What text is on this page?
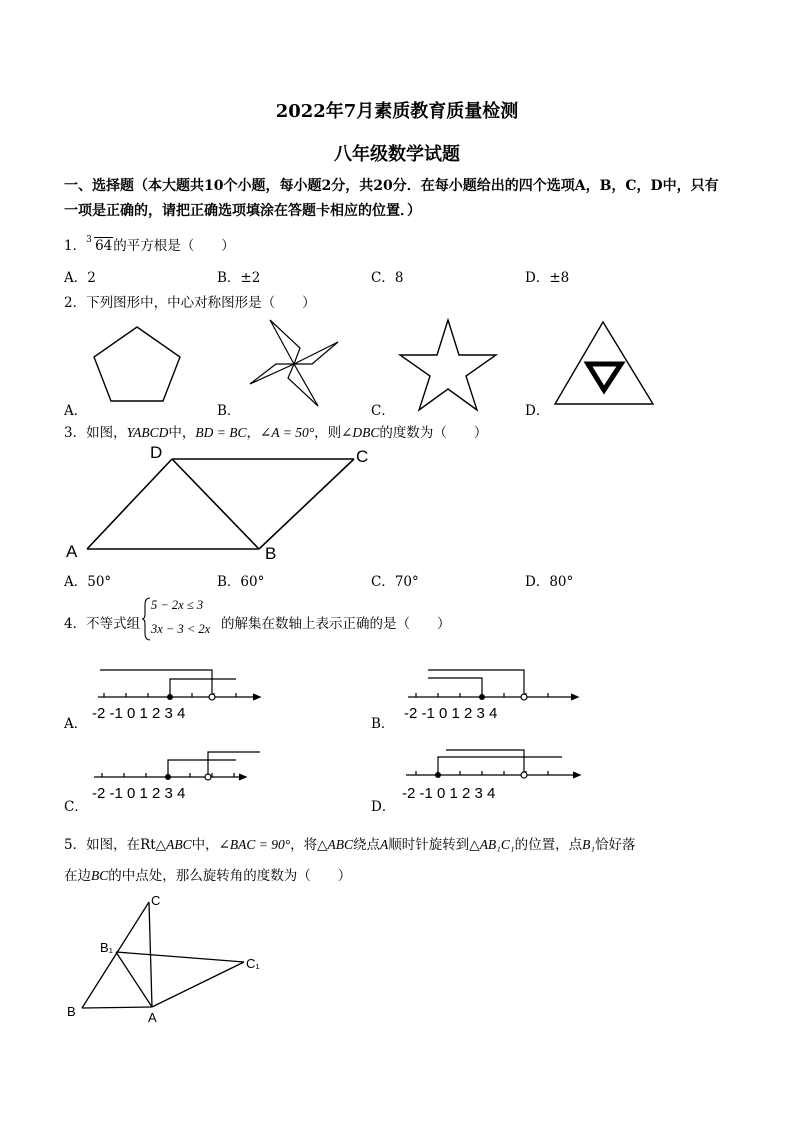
2022年7月素质教育质量检测
八年级数学试题
一、选择题（本大题共10个小题，每小题2分，共20分．在每小题给出的四个选项A，B，C，D中，只有
一项是正确的，请把正确选项填涂在答题卡相应的位置．）
1． 3 64的平方根是（　　）
A．2	B．±2	C．8	D．±8
2．下列图形中，中心对称图形是（　　）
A．	B．	C．	D．
3．如图，YABCD中，BD = BC，∠A = 50°，则∠DBC的度数为（　　）
D	C
A	B
A．50°	B．60°	C．70°	D．80°
4．不等式组
5 − 2x ≤ 3
3x − 3 < 2x 的解集在数轴上表示正确的是（　　）
-2 -1 0 1 2 3 4
A．
-2 -1 0 1 2 3 4
B．
-2 -1 0 1 2 3 4
C．
-2 -1 0 1 2 3 4
D．
5．如图，在Rt△ABC中，∠BAC = 90°，将△ABC绕点A顺时针旋转到△AB₁C₁的位置，点B₁恰好落
在边BC的中点处，那么旋转角的度数为（　　）
C
B₁
C₁
B	A
